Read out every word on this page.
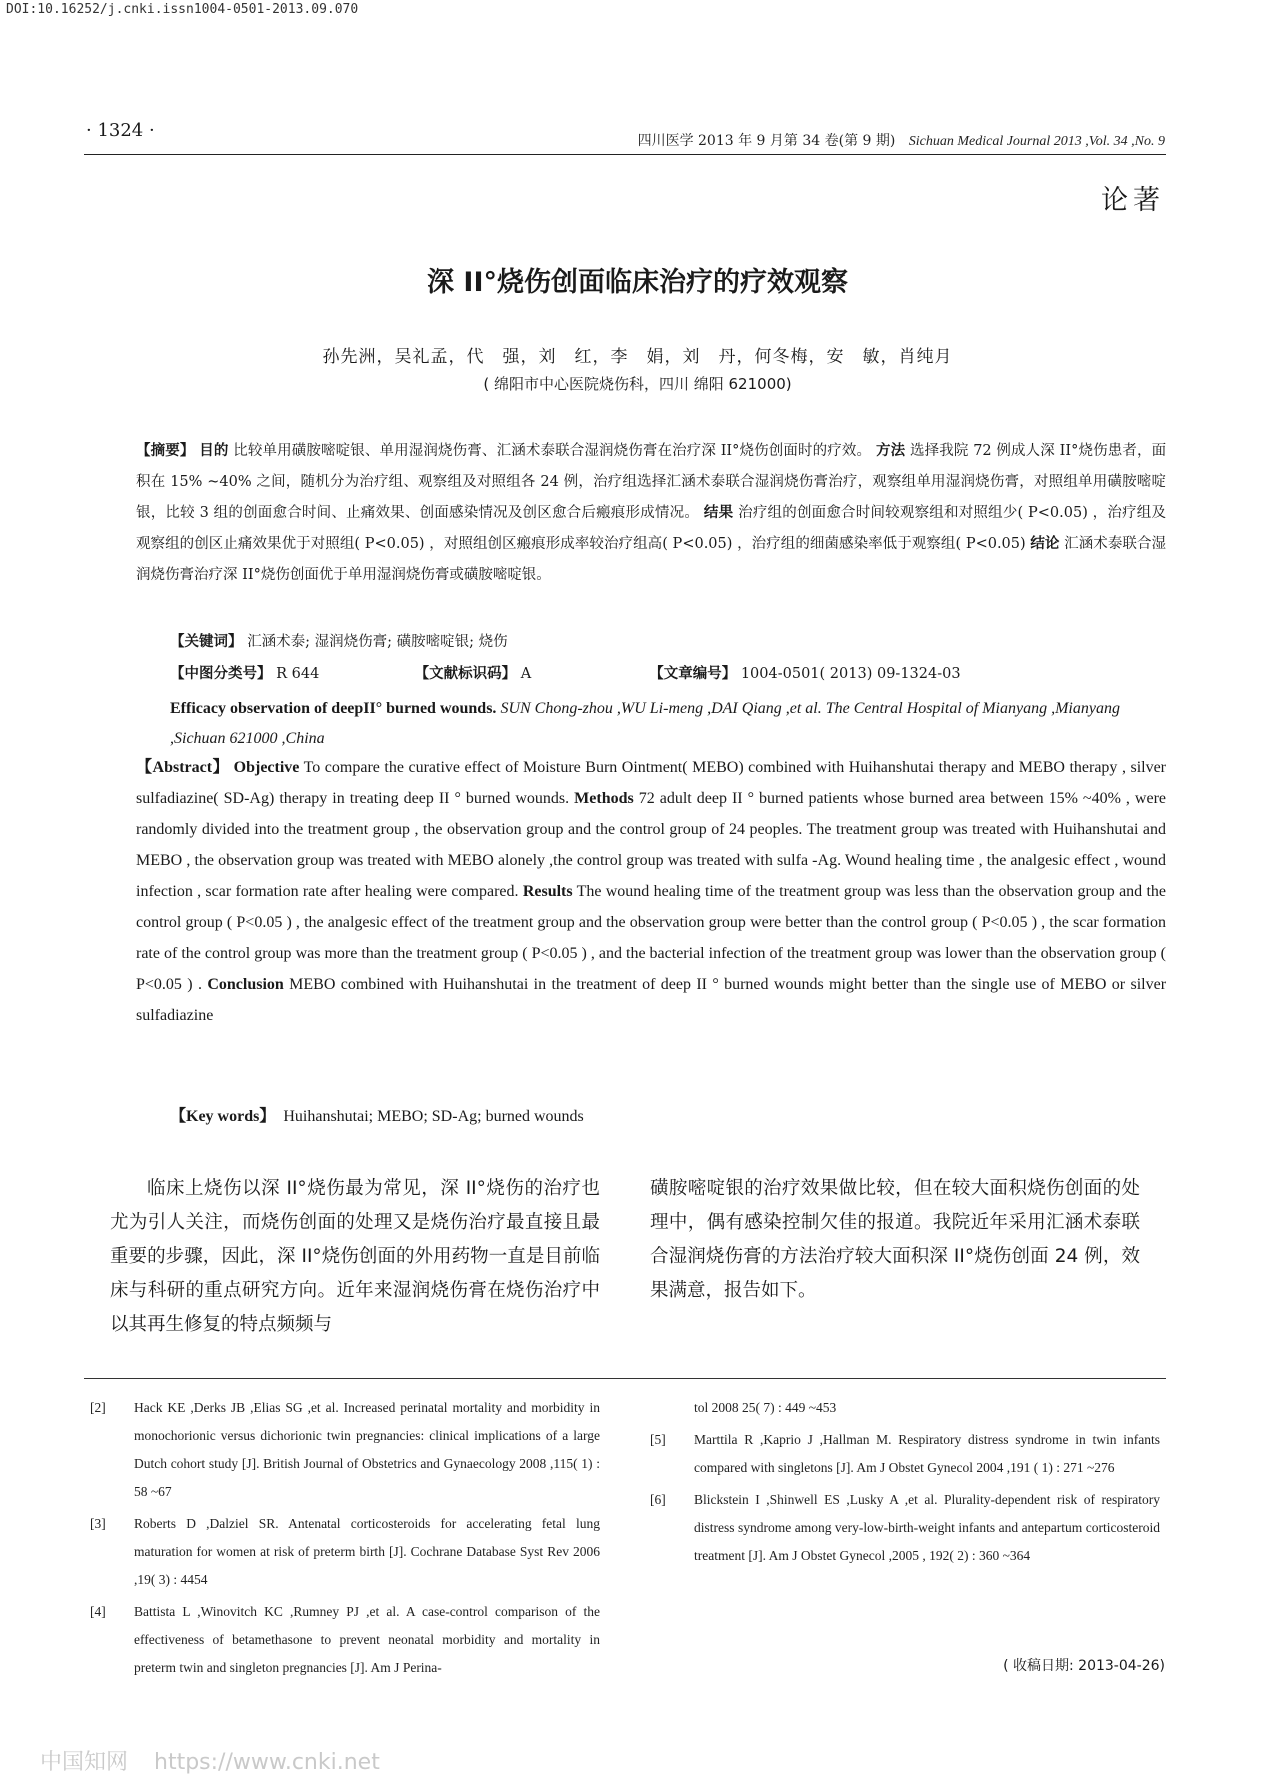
DOI:10.16252/j.cnki.issn1004-0501-2013.09.070
· 1324 ·	四川医学 2013 年 9 月第 34 卷(第 9 期) Sichuan Medical Journal 2013 ,Vol. 34 ,No. 9
论著
深 II°烧伤创面临床治疗的疗效观察
孙先洲，吴礼孟，代　强，刘　红，李　娟，刘　丹，何冬梅，安　敏，肖纯月
( 绵阳市中心医院烧伤科，四川 绵阳 621000)
【摘要】 目的 比较单用磺胺嘧啶银、单用湿润烧伤膏、汇涵术泰联合湿润烧伤膏在治疗深 II°烧伤创面时的疗效。 方法 选择我院 72 例成人深 II°烧伤患者，面积在 15% ~40% 之间，随机分为治疗组、观察组及对照组各 24 例，治疗组选择汇涵术泰联合湿润烧伤膏治疗，观察组单用湿润烧伤膏，对照组单用磺胺嘧啶银，比较 3 组的创面愈合时间、止痛效果、创面感染情况及创区愈合后瘢痕形成情况。 结果 治疗组的创面愈合时间较观察组和对照组少( P<0.05) ，治疗组及观察组的创区止痛效果优于对照组( P<0.05) ，对照组创区瘢痕形成率较治疗组高( P<0.05) ，治疗组的细菌感染率低于观察组( P<0.05) 结论 汇涵术泰联合湿润烧伤膏治疗深 II°烧伤创面优于单用湿润烧伤膏或磺胺嘧啶银。
【关键词】 汇涵术泰; 湿润烧伤膏; 磺胺嘧啶银; 烧伤
【中图分类号】 R 644	【文献标识码】 A	【文章编号】 1004-0501( 2013) 09-1324-03
Efficacy observation of deepII° burned wounds. SUN Chong-zhou ,WU Li-meng ,DAI Qiang ,et al. The Central Hospital of Mianyang ,Mianyang ,Sichuan 621000 ,China
【Abstract】 Objective To compare the curative effect of Moisture Burn Ointment( MEBO) combined with Huihanshutai therapy and MEBO therapy , silver sulfadiazine( SD-Ag) therapy in treating deep II ° burned wounds. Methods 72 adult deep II ° burned patients whose burned area between 15% ~40% , were randomly divided into the treatment group , the observation group and the control group of 24 peoples. The treatment group was treated with Huihanshutai and MEBO , the observation group was treated with MEBO alonely ,the control group was treated with sulfa -Ag. Wound healing time , the analgesic effect , wound infection , scar formation rate after healing were compared. Results The wound healing time of the treatment group was less than the observation group and the control group ( P<0.05 ) , the analgesic effect of the treatment group and the observation group were better than the control group ( P<0.05 ) , the scar formation rate of the control group was more than the treatment group ( P<0.05 ) , and the bacterial infection of the treatment group was lower than the observation group ( P<0.05 ) . Conclusion MEBO combined with Huihanshutai in the treatment of deep II ° burned wounds might better than the single use of MEBO or silver sulfadiazine
【Key words】 Huihanshutai; MEBO; SD-Ag; burned wounds
临床上烧伤以深 II°烧伤最为常见，深 II°烧伤的治疗也尤为引人关注，而烧伤创面的处理又是烧伤治疗最直接且最重要的步骤，因此，深 II°烧伤创面的外用药物一直是目前临床与科研的重点研究方向。近年来湿润烧伤膏在烧伤治疗中以其再生修复的特点频频与
磺胺嘧啶银的治疗效果做比较，但在较大面积烧伤创面的处理中，偶有感染控制欠佳的报道。我院近年采用汇涵术泰联合湿润烧伤膏的方法治疗较大面积深 II°烧伤创面 24 例，效果满意，报告如下。
[2]	Hack KE ,Derks JB ,Elias SG ,et al. Increased perinatal mortality and morbidity in monochorionic versus dichorionic twin pregnancies: clinical implications of a large Dutch cohort study [J]. British Journal of Obstetrics and Gynaecology 2008 ,115( 1) : 58 ~67
[3]	Roberts D ,Dalziel SR. Antenatal corticosteroids for accelerating fetal lung maturation for women at risk of preterm birth [J]. Cochrane Database Syst Rev 2006 ,19( 3) : 4454
[4]	Battista L ,Winovitch KC ,Rumney PJ ,et al. A case-control comparison of the effectiveness of betamethasone to prevent neonatal morbidity and mortality in preterm twin and singleton pregnancies [J]. Am J Perina-
tol 2008 25( 7) : 449 ~453
[5]	Marttila R ,Kaprio J ,Hallman M. Respiratory distress syndrome in twin infants compared with singletons [J]. Am J Obstet Gynecol 2004 ,191 ( 1) : 271 ~276
[6]	Blickstein I ,Shinwell ES ,Lusky A ,et al. Plurality-dependent risk of respiratory distress syndrome among very-low-birth-weight infants and antepartum corticosteroid treatment [J]. Am J Obstet Gynecol ,2005 , 192( 2) : 360 ~364
( 收稿日期: 2013-04-26)
中国知网 https://www.cnki.net
